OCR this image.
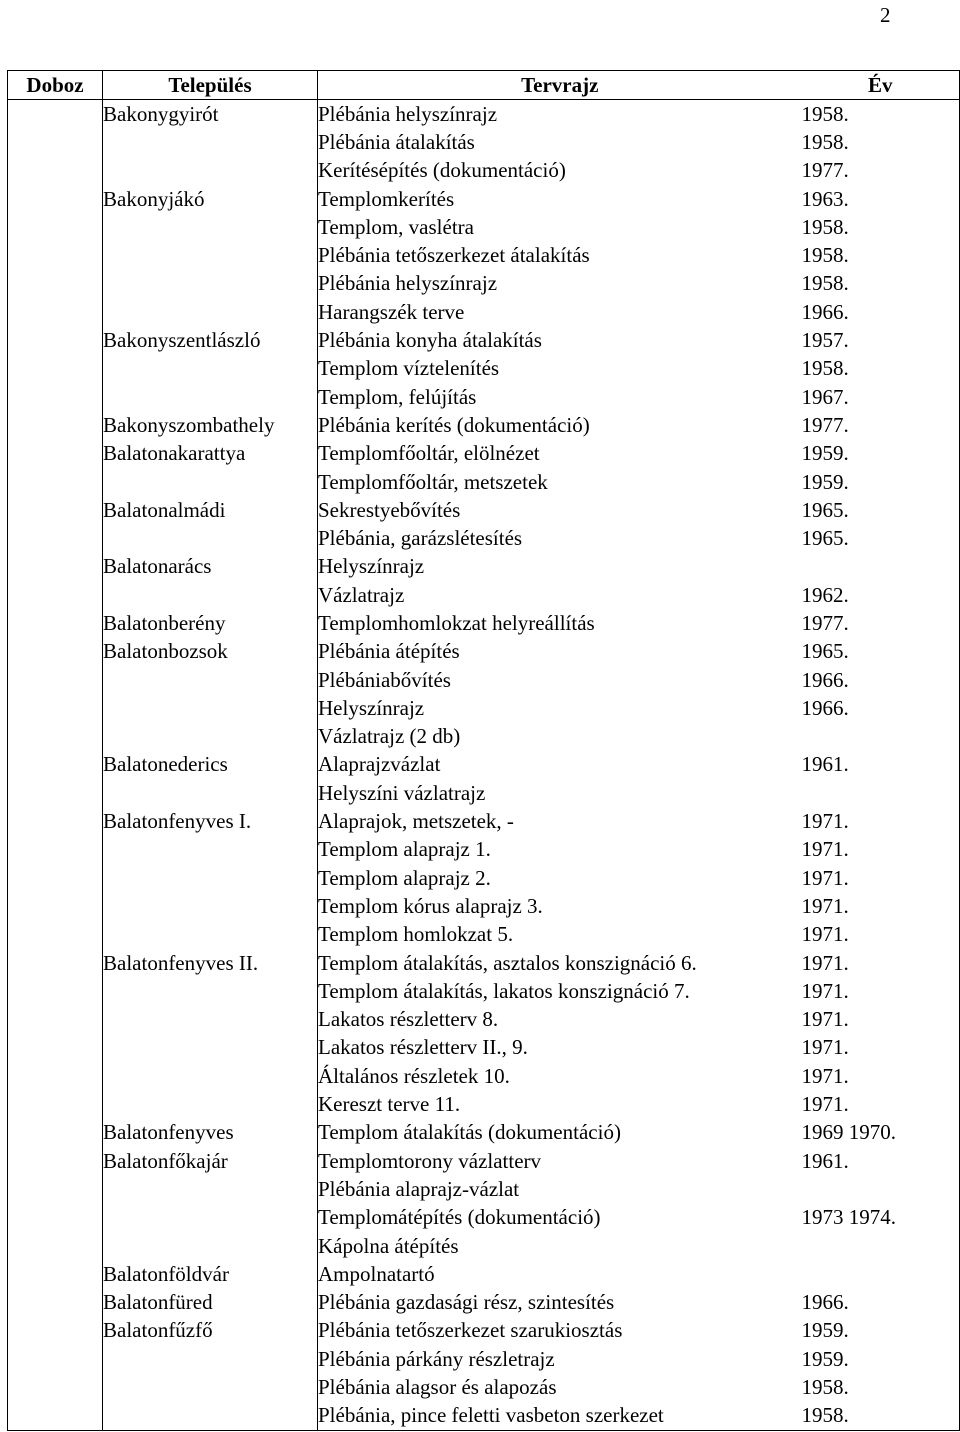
2
Doboz	Település	Tervrajz	Év
	Bakonygyirót	Plébánia helyszínrajz	1958.
		Plébánia átalakítás	1958.
		Kerítésépítés (dokumentáció)	1977.
	Bakonyjákó	Templomkerítés	1963.
		Templom, vaslétra	1958.
		Plébánia tetőszerkezet átalakítás	1958.
		Plébánia helyszínrajz	1958.
		Harangszék terve	1966.
	Bakonyszentlászló	Plébánia konyha átalakítás	1957.
		Templom víztelenítés	1958.
		Templom, felújítás	1967.
	Bakonyszombathely	Plébánia kerítés (dokumentáció)	1977.
	Balatonakarattya	Templomfőoltár, elölnézet	1959.
		Templomfőoltár, metszetek	1959.
	Balatonalmádi	Sekrestyebővítés	1965.
		Plébánia, garázslétesítés	1965.
	Balatonarács	Helyszínrajz	
		Vázlatrajz	1962.
	Balatonberény	Templomhomlokzat helyreállítás	1977.
	Balatonbozsok	Plébánia átépítés	1965.
		Plébániabővítés	1966.
		Helyszínrajz	1966.
		Vázlatrajz (2 db)	
	Balatonederics	Alaprajzvázlat	1961.
		Helyszíni vázlatrajz	
	Balatonfenyves I.	Alaprajok, metszetek, -	1971.
		Templom alaprajz 1.	1971.
		Templom alaprajz 2.	1971.
		Templom kórus alaprajz 3.	1971.
		Templom homlokzat 5.	1971.
	Balatonfenyves II.	Templom átalakítás, asztalos konszignáció 6.	1971.
		Templom átalakítás, lakatos konszignáció 7.	1971.
		Lakatos részletterv 8.	1971.
		Lakatos részletterv II., 9.	1971.
		Általános részletek 10.	1971.
		Kereszt terve 11.	1971.
	Balatonfenyves	Templom átalakítás (dokumentáció)	1969 1970.
	Balatonfőkajár	Templomtorony vázlatterv	1961.
		Plébánia alaprajz-vázlat	
		Templomátépítés (dokumentáció)	1973 1974.
		Kápolna átépítés	
	Balatonföldvár	Ampolnatartó	
	Balatonfüred	Plébánia gazdasági rész, szintesítés	1966.
	Balatonfűzfő	Plébánia tetőszerkezet szarukiosztás	1959.
		Plébánia párkány részletrajz	1959.
		Plébánia alagsor és alapozás	1958.
		Plébánia, pince feletti vasbeton szerkezet	1958.
